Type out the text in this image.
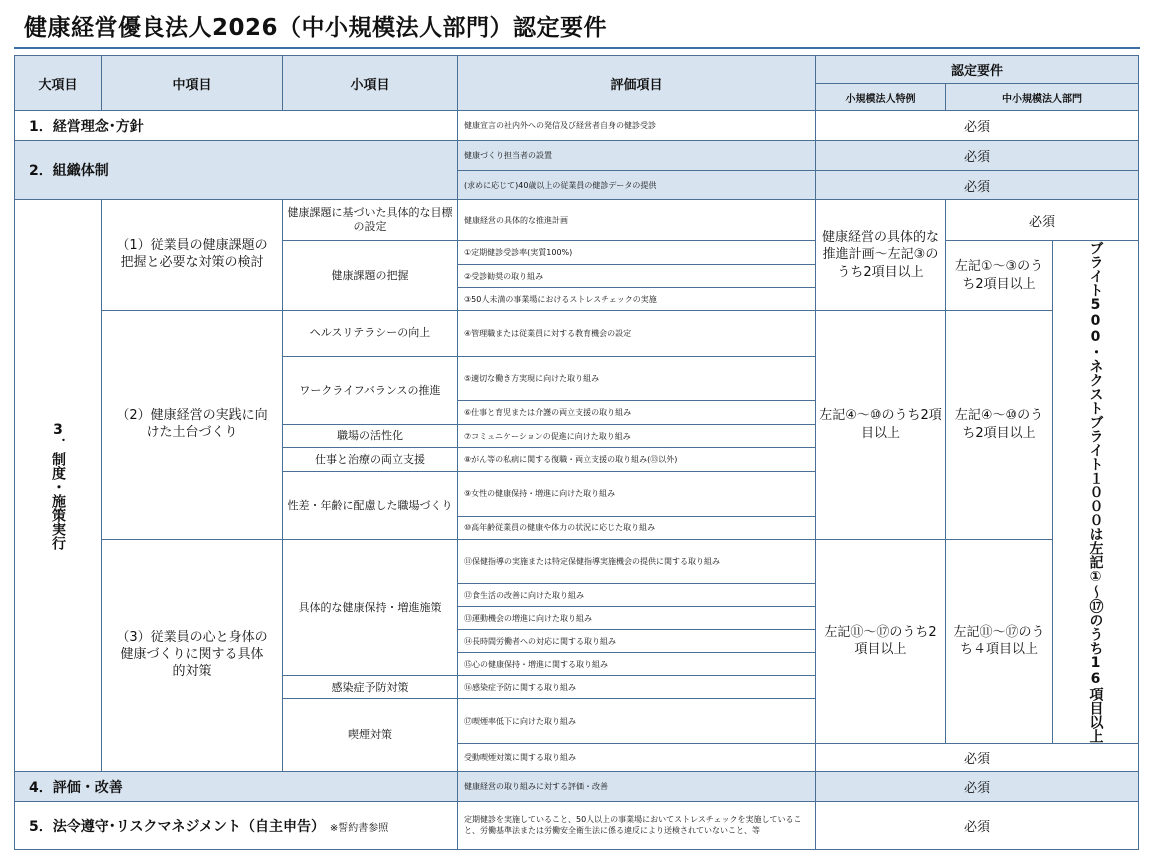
健康経営優良法人2026（中小規模法人部門）認定要件
大項目	中項目	小項目	評価項目	認定要件		
				小規模法人特例	中小規模法人部門	
1．経営理念･方針			健康宣言の社内外への発信及び経営者自身の健診受診	必須		
2．組織体制			健康づくり担当者の設置	必須		
			(求めに応じて)40歳以上の従業員の健診データの提供	必須		
3．制度・施策実行	（1）従業員の健康課題の把握と必要な対策の検討	健康課題に基づいた具体的な目標の設定	健康経営の具体的な推進計画	健康経営の具体的な推進計画～左記③のうち2項目以上	必須	
		健康課題の把握	①定期健診受診率(実質100%)		左記①～③のうち2項目以上	ブライト500・ネクストブライト１０００は左記①～⑰のうち16項目以上
			②受診勧奨の取り組み			
			③50人未満の事業場におけるストレスチェックの実施			
	（2）健康経営の実践に向けた土台づくり	ヘルスリテラシーの向上	④管理職または従業員に対する教育機会の設定	左記④～⑩のうち2項目以上	左記④～⑩のうち2項目以上	
		ワークライフバランスの推進	⑤適切な働き方実現に向けた取り組み			
			⑥仕事と育児または介護の両立支援の取り組み			
		職場の活性化	⑦コミュニケーションの促進に向けた取り組み			
		仕事と治療の両立支援	⑧がん等の私病に関する復職・両立支援の取り組み(⑬以外)			
		性差・年齢に配慮した職場づくり	⑨女性の健康保持・増進に向けた取り組み			
			⑩高年齢従業員の健康や体力の状況に応じた取り組み			
	（3）従業員の心と身体の健康づくりに関する具体的対策	具体的な健康保持・増進施策	⑪保健指導の実施または特定保健指導実施機会の提供に関する取り組み	左記⑪～⑰のうち2項目以上	左記⑪～⑰のうち４項目以上	
			⑫食生活の改善に向けた取り組み			
			⑬運動機会の増進に向けた取り組み			
			⑭長時間労働者への対応に関する取り組み			
			⑮心の健康保持・増進に関する取り組み			
		感染症予防対策	⑯感染症予防に関する取り組み			
		喫煙対策	⑰喫煙率低下に向けた取り組み			
			受動喫煙対策に関する取り組み	必須		
4．評価・改善			健康経営の取り組みに対する評価・改善	必須		
5．法令遵守･リスクマネジメント（自主申告） ※誓約書参照			定期健診を実施していること、50人以上の事業場においてストレスチェックを実施していること、労働基準法または労働安全衛生法に係る違反により送検されていないこと、等	必須		
